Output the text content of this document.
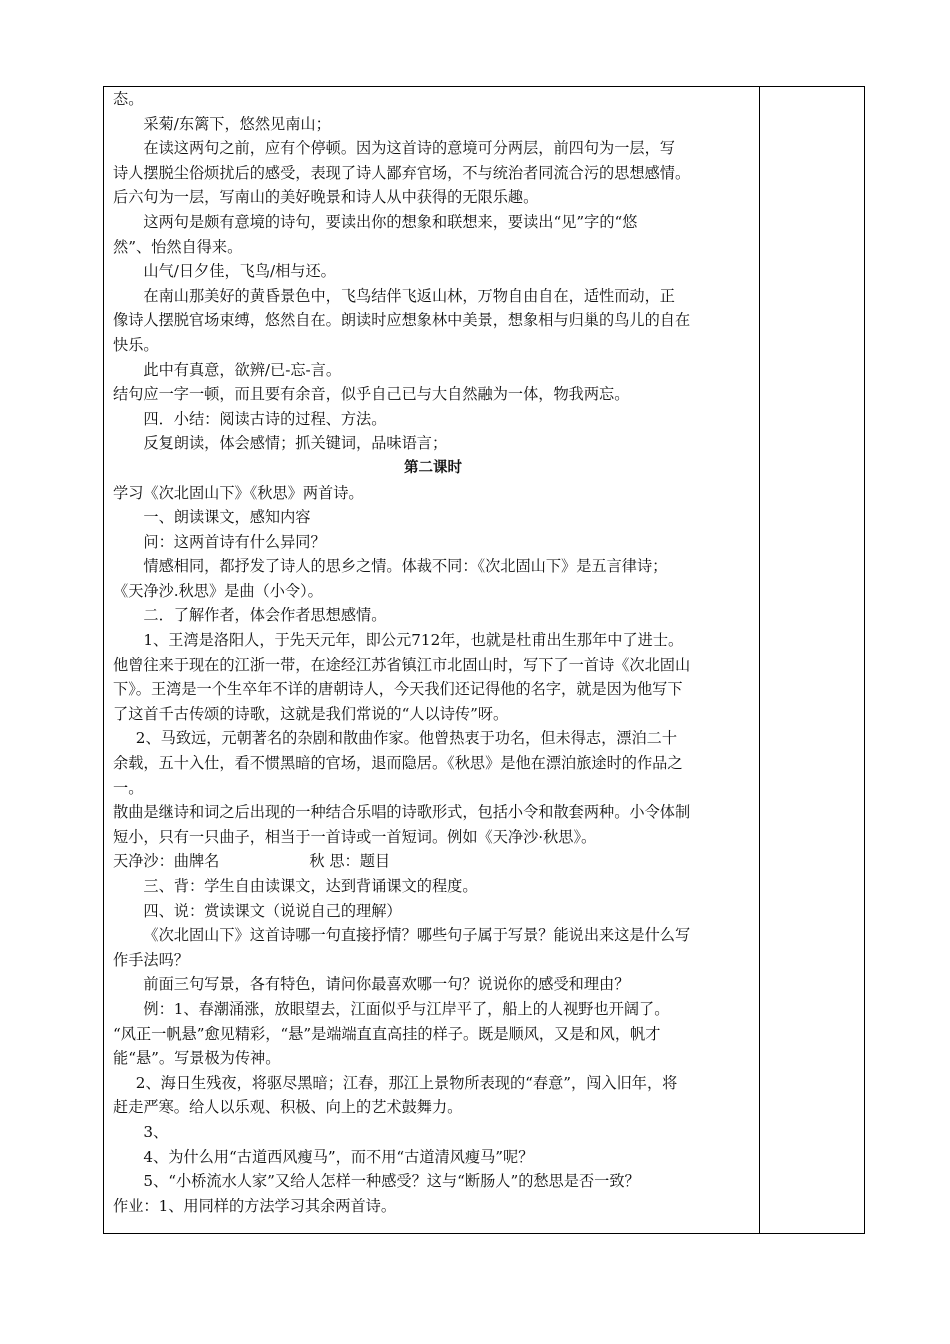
态。

采菊/东篱下，悠然见南山；

在读这两句之前，应有个停顿。因为这首诗的意境可分两层，前四句为一层，写

诗人摆脱尘俗烦扰后的感受，表现了诗人鄙弃官场，不与统治者同流合污的思想感情。

后六句为一层，写南山的美好晚景和诗人从中获得的无限乐趣。

这两句是颇有意境的诗句，要读出你的想象和联想来，要读出“见”字的“悠

然”、怡然自得来。

山气/日夕佳，飞鸟/相与还。

在南山那美好的黄昏景色中，飞鸟结伴飞返山林，万物自由自在，适性而动，正

像诗人摆脱官场束缚，悠然自在。朗读时应想象林中美景，想象相与归巢的鸟儿的自在

快乐。

此中有真意，欲辨/已-忘-言。

结句应一字一顿，而且要有余音，似乎自己已与大自然融为一体，物我两忘。

四．小结：阅读古诗的过程、方法。

反复朗读，体会感情；抓关键词，品味语言；

第二课时

学习《次北固山下》《秋思》两首诗。

一、朗读课文，感知内容

问：这两首诗有什么异同？

情感相同，都抒发了诗人的思乡之情。体裁不同：《次北固山下》是五言律诗；

《天净沙.秋思》是曲（小令）。

二．了解作者，体会作者思想感情。

1、王湾是洛阳人，于先天元年，即公元712年，也就是杜甫出生那年中了进士。

他曾往来于现在的江浙一带，在途经江苏省镇江市北固山时，写下了一首诗《次北固山

下》。王湾是一个生卒年不详的唐朝诗人，今天我们还记得他的名字，就是因为他写下

了这首千古传颂的诗歌，这就是我们常说的“人以诗传”呀。

2、马致远，元朝著名的杂剧和散曲作家。他曾热衷于功名，但未得志，漂泊二十

余载，五十入仕，看不惯黑暗的官场，退而隐居。《秋思》是他在漂泊旅途时的作品之

一。

散曲是继诗和词之后出现的一种结合乐唱的诗歌形式，包括小令和散套两种。小令体制

短小，只有一只曲子，相当于一首诗或一首短词。例如《天净沙·秋思》。

天净沙：曲牌名	秋 思：题目

三、背：学生自由读课文，达到背诵课文的程度。

四、说：赏读课文（说说自己的理解）

《次北固山下》这首诗哪一句直接抒情？哪些句子属于写景？能说出来这是什么写

作手法吗？

前面三句写景，各有特色，请问你最喜欢哪一句？说说你的感受和理由？

例：1、春潮涌涨，放眼望去，江面似乎与江岸平了，船上的人视野也开阔了。

“风正一帆悬”愈见精彩，“悬”是端端直直高挂的样子。既是顺风，又是和风，帆才

能“悬”。写景极为传神。

2、海日生残夜，将驱尽黑暗；江春，那江上景物所表现的“春意”，闯入旧年，将

赶走严寒。给人以乐观、积极、向上的艺术鼓舞力。

3、

4、为什么用“古道西风瘦马”，而不用“古道清风瘦马”呢？

5、“小桥流水人家”又给人怎样一种感受？这与“断肠人”的愁思是否一致？

作业：1、用同样的方法学习其余两首诗。
